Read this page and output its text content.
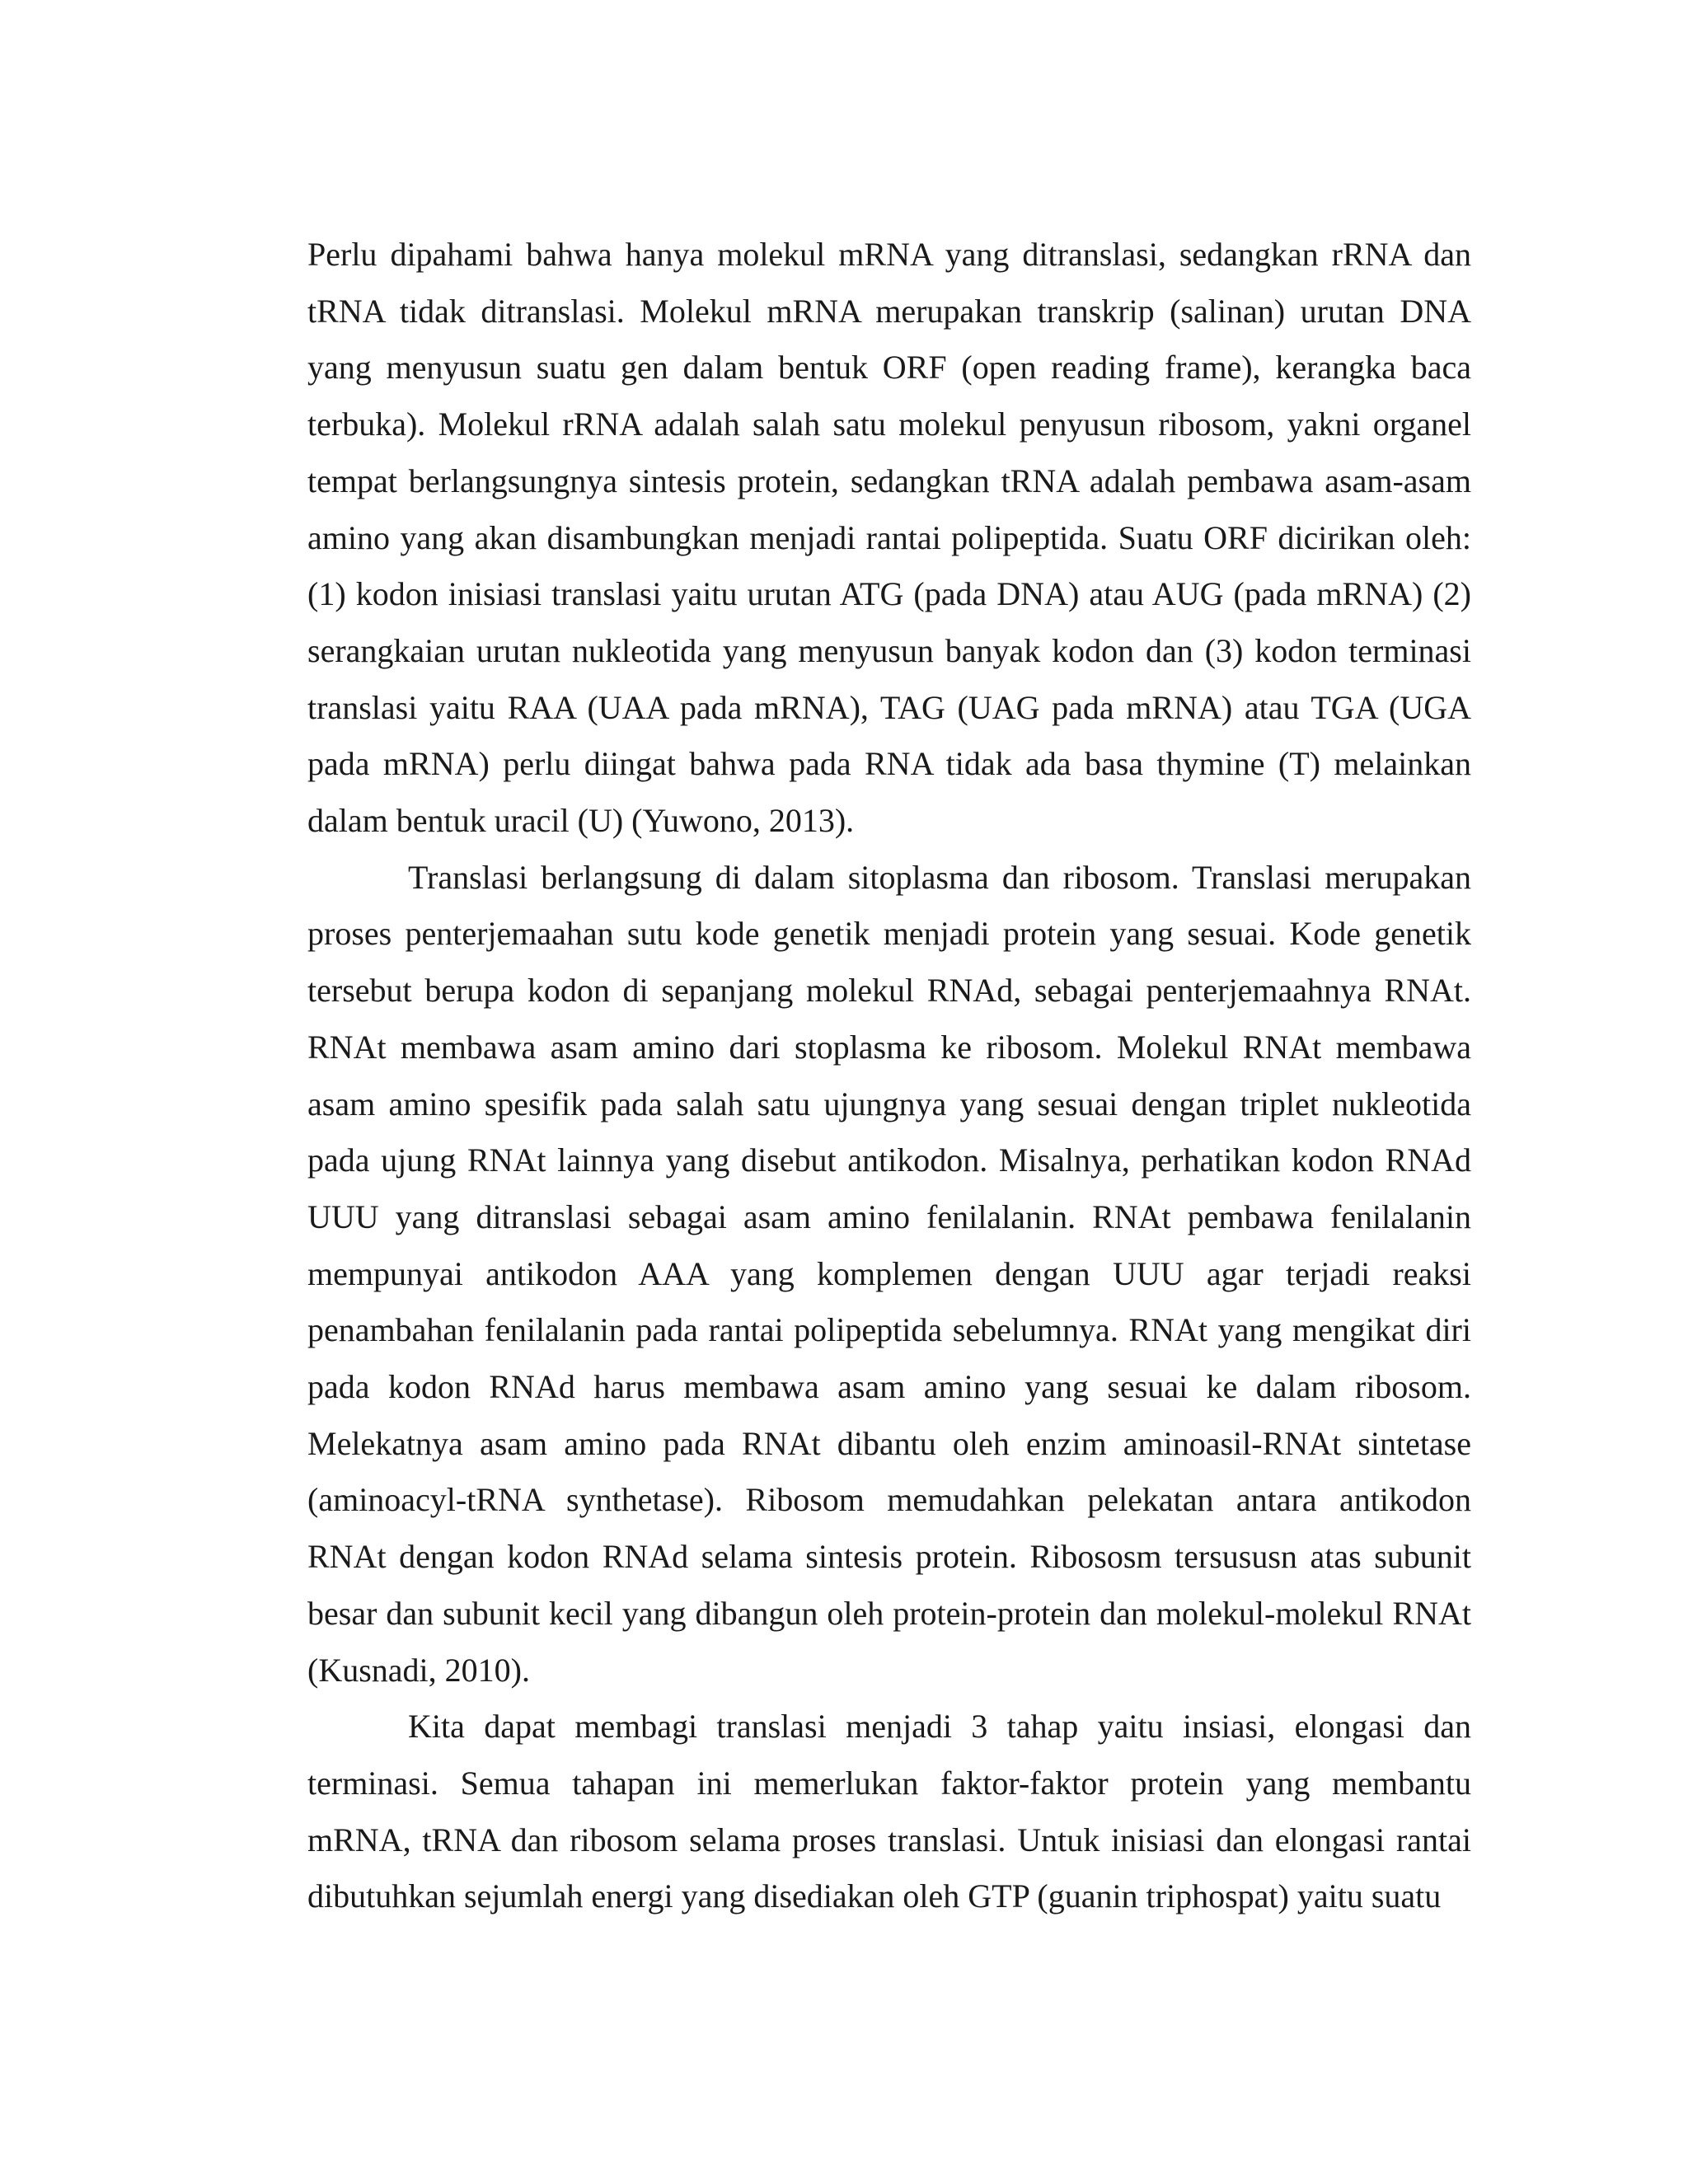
Perlu dipahami bahwa hanya molekul mRNA yang ditranslasi, sedangkan rRNA dan tRNA tidak ditranslasi. Molekul mRNA merupakan transkrip (salinan) urutan DNA yang menyusun suatu gen dalam bentuk ORF (open reading frame), kerangka baca terbuka). Molekul rRNA adalah salah satu molekul penyusun ribosom, yakni organel tempat berlangsungnya sintesis protein, sedangkan tRNA adalah pembawa asam-asam amino yang akan disambungkan menjadi rantai polipeptida. Suatu ORF dicirikan oleh: (1) kodon inisiasi translasi yaitu urutan ATG (pada DNA) atau AUG (pada mRNA) (2) serangkaian urutan nukleotida yang menyusun banyak kodon dan (3) kodon terminasi translasi yaitu RAA (UAA pada mRNA), TAG (UAG pada mRNA) atau TGA (UGA pada mRNA) perlu diingat bahwa pada RNA tidak ada basa thymine (T) melainkan dalam bentuk uracil (U) (Yuwono, 2013).

Translasi berlangsung di dalam sitoplasma dan ribosom. Translasi merupakan proses penterjemaahan sutu kode genetik menjadi protein yang sesuai. Kode genetik tersebut berupa kodon di sepanjang molekul RNAd, sebagai penterjemaahnya RNAt. RNAt membawa asam amino dari stoplasma ke ribosom. Molekul RNAt membawa asam amino spesifik pada salah satu ujungnya yang sesuai dengan triplet nukleotida pada ujung RNAt lainnya yang disebut antikodon. Misalnya, perhatikan kodon RNAd UUU yang ditranslasi sebagai asam amino fenilalanin. RNAt pembawa fenilalanin mempunyai antikodon AAA yang komplemen dengan UUU agar terjadi reaksi penambahan fenilalanin pada rantai polipeptida sebelumnya. RNAt yang mengikat diri pada kodon RNAd harus membawa asam amino yang sesuai ke dalam ribosom. Melekatnya asam amino pada RNAt dibantu oleh enzim aminoasil-RNAt sintetase (aminoacyl-tRNA synthetase). Ribosom memudahkan pelekatan antara antikodon RNAt dengan kodon RNAd selama sintesis protein. Ribososm tersususn atas subunit besar dan subunit kecil yang dibangun oleh protein-protein dan molekul-molekul RNAt (Kusnadi, 2010).

Kita dapat membagi translasi menjadi 3 tahap yaitu insiasi, elongasi dan terminasi. Semua tahapan ini memerlukan faktor-faktor protein yang membantu mRNA, tRNA dan ribosom selama proses translasi. Untuk inisiasi dan elongasi rantai dibutuhkan sejumlah energi yang disediakan oleh GTP (guanin triphospat) yaitu suatu
